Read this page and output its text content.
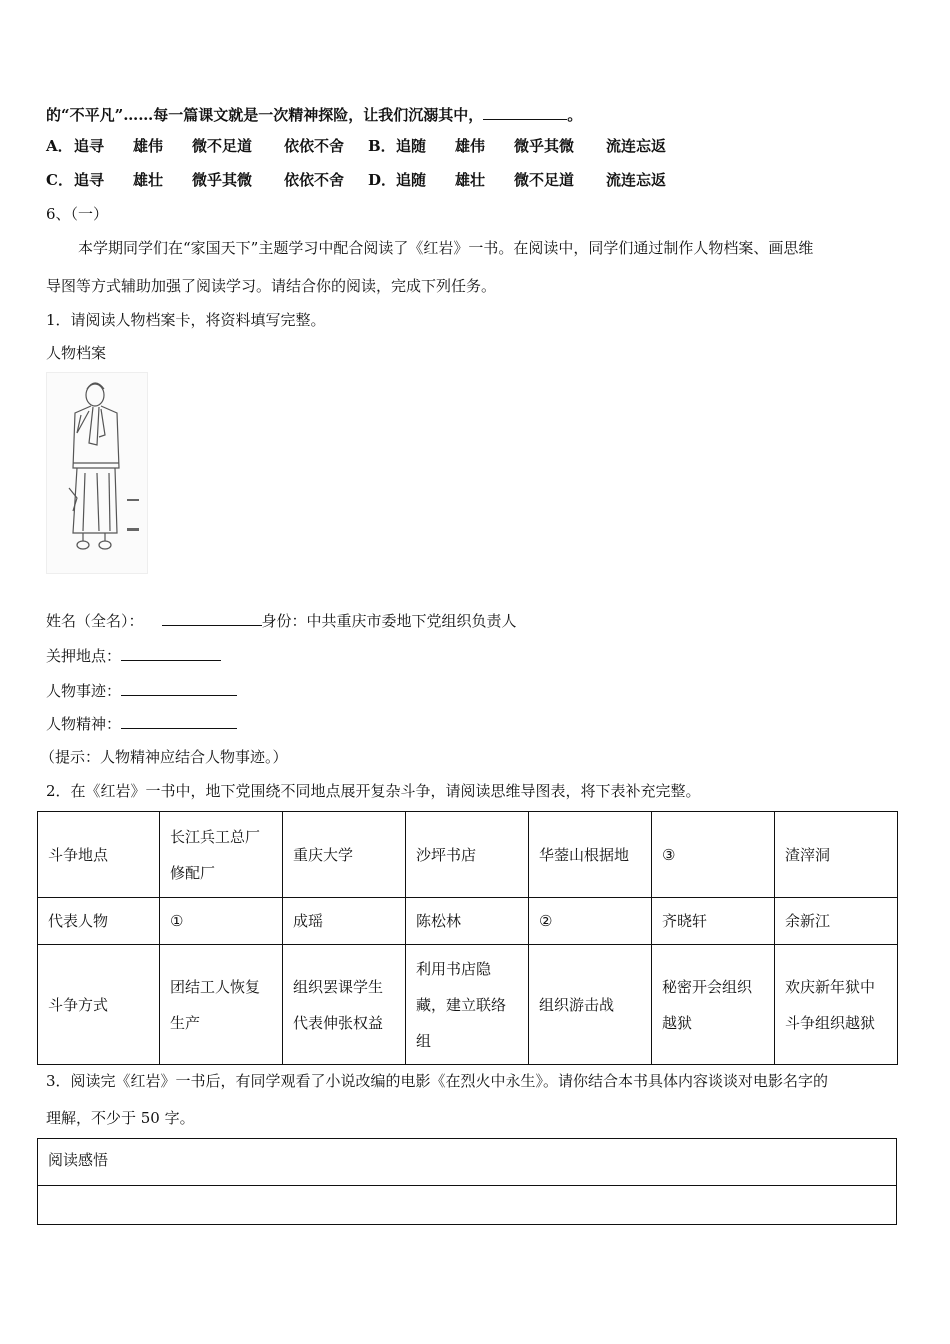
的“不平凡”……每一篇课文就是一次精神探险，让我们沉溺其中，	。
A．追寻 雄伟 微不足道 依依不舍 B．追随 雄伟 微乎其微 流连忘返
C．追寻 雄壮 微乎其微 依依不舍 D．追随 雄壮 微不足道 流连忘返
6、（一）
本学期同学们在“家国天下”主题学习中配合阅读了《红岩》一书。在阅读中，同学们通过制作人物档案、画思维
导图等方式辅助加强了阅读学习。请结合你的阅读，完成下列任务。
1．请阅读人物档案卡，将资料填写完整。
人物档案
姓名（全名）：	身份：中共重庆市委地下党组织负责人
关押地点：
人物事迹：
人物精神：
（提示：人物精神应结合人物事迹。）
2．在《红岩》一书中，地下党围绕不同地点展开复杂斗争，请阅读思维导图表，将下表补充完整。
斗争地点	长江兵工总厂修配厂	重庆大学	沙坪书店	华蓥山根据地	③	渣滓洞
代表人物	①	成瑶	陈松林	②	齐晓轩	余新江
斗争方式	团结工人恢复生产	组织罢课学生代表伸张权益	利用书店隐藏，建立联络组	组织游击战	秘密开会组织越狱	欢庆新年狱中斗争组织越狱
3．阅读完《红岩》一书后，有同学观看了小说改编的电影《在烈火中永生》。请你结合本书具体内容谈谈对电影名字的
理解，不少于 50 字。
阅读感悟
